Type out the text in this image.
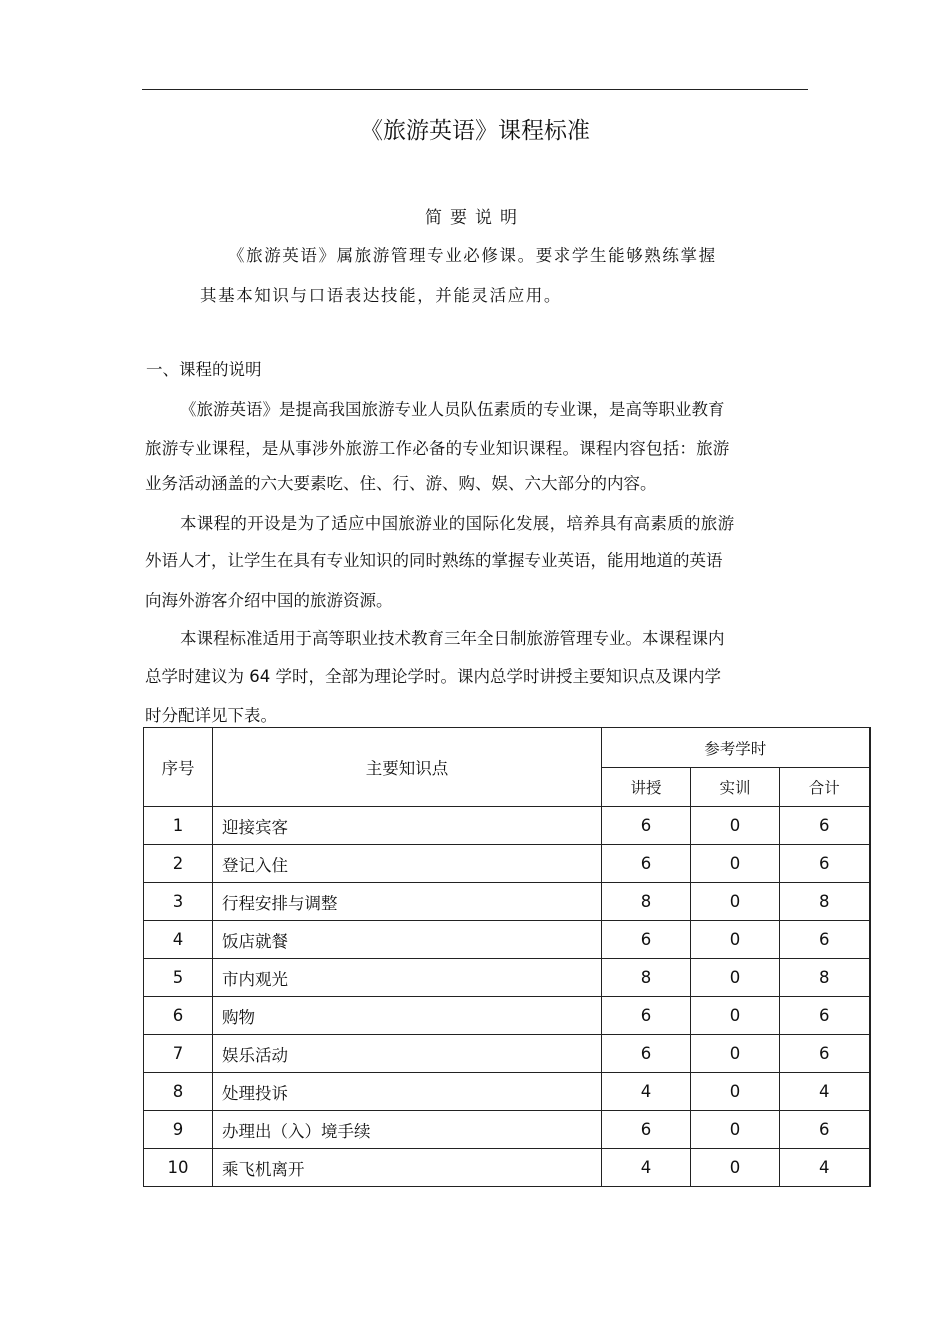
《旅游英语》课程标准
简要说明
《旅游英语》属旅游管理专业必修课。要求学生能够熟练掌握
其基本知识与口语表达技能，并能灵活应用。
一、课程的说明
《旅游英语》是提高我国旅游专业人员队伍素质的专业课，是高等职业教育
旅游专业课程，是从事涉外旅游工作必备的专业知识课程。课程内容包括：旅游
业务活动涵盖的六大要素吃、住、行、游、购、娱、六大部分的内容。
本课程的开设是为了适应中国旅游业的国际化发展，培养具有高素质的旅游
外语人才，让学生在具有专业知识的同时熟练的掌握专业英语，能用地道的英语
向海外游客介绍中国的旅游资源。
本课程标准适用于高等职业技术教育三年全日制旅游管理专业。本课程课内
总学时建议为 64 学时，全部为理论学时。课内总学时讲授主要知识点及课内学
时分配详见下表。
序号	主要知识点	参考学时		
		讲授	实训	合计
1	迎接宾客	6	0	6
2	登记入住	6	0	6
3	行程安排与调整	8	0	8
4	饭店就餐	6	0	6
5	市内观光	8	0	8
6	购物	6	0	6
7	娱乐活动	6	0	6
8	处理投诉	4	0	4
9	办理出（入）境手续	6	0	6
10	乘飞机离开	4	0	4
